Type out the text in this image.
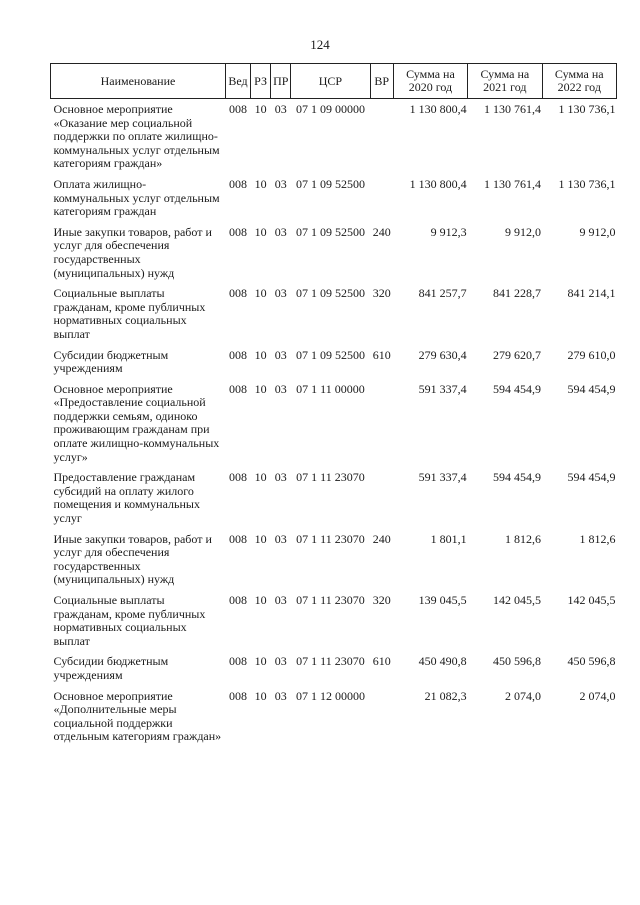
124
Наименование	Вед	РЗ	ПР	ЦСР	ВР	Сумма на 2020 год	Сумма на 2021 год	Сумма на 2022 год
Основное мероприятие «Оказание мер социальной поддержки по оплате жилищно-коммунальных услуг отдельным категориям граждан»	008	10	03	07 1 09 00000		1 130 800,4	1 130 761,4	1 130 736,1
Оплата жилищно-коммунальных услуг отдельным категориям граждан	008	10	03	07 1 09 52500		1 130 800,4	1 130 761,4	1 130 736,1
Иные закупки товаров, работ и услуг для обеспечения государственных (муниципальных) нужд	008	10	03	07 1 09 52500	240	9 912,3	9 912,0	9 912,0
Социальные выплаты гражданам, кроме публичных нормативных социальных выплат	008	10	03	07 1 09 52500	320	841 257,7	841 228,7	841 214,1
Субсидии бюджетным учреждениям	008	10	03	07 1 09 52500	610	279 630,4	279 620,7	279 610,0
Основное мероприятие «Предоставление социальной поддержки семьям, одиноко проживающим гражданам при оплате жилищно-коммунальных услуг»	008	10	03	07 1 11 00000		591 337,4	594 454,9	594 454,9
Предоставление гражданам субсидий на оплату жилого помещения и коммунальных услуг	008	10	03	07 1 11 23070		591 337,4	594 454,9	594 454,9
Иные закупки товаров, работ и услуг для обеспечения государственных (муниципальных) нужд	008	10	03	07 1 11 23070	240	1 801,1	1 812,6	1 812,6
Социальные выплаты гражданам, кроме публичных нормативных социальных выплат	008	10	03	07 1 11 23070	320	139 045,5	142 045,5	142 045,5
Субсидии бюджетным учреждениям	008	10	03	07 1 11 23070	610	450 490,8	450 596,8	450 596,8
Основное мероприятие «Дополнительные меры социальной поддержки отдельным категориям граждан»	008	10	03	07 1 12 00000		21 082,3	2 074,0	2 074,0
